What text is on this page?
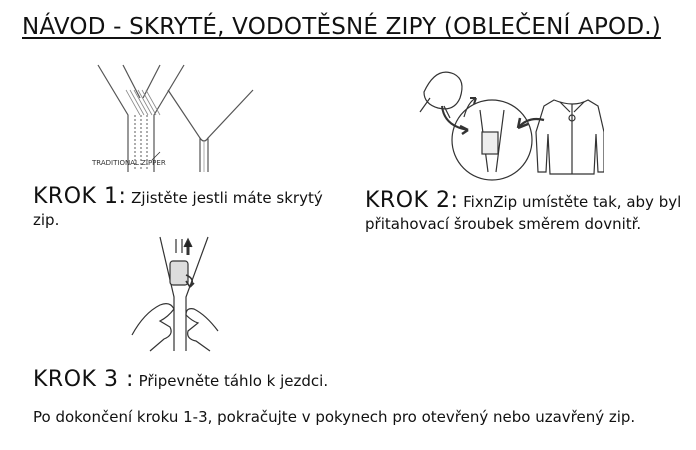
NÁVOD - SKRYTÉ, VODOTĚSNÉ ZIPY (OBLEČENÍ APOD.)
TRADITIONAL ZIPPER
KROK 1: Zjistěte jestli máte skrytý zip.
KROK 2: FixnZip umístěte tak, aby byl přitahovací šroubek směrem dovnitř.
KROK 3 : Připevněte táhlo k jezdci.
Po dokončení kroku 1-3, pokračujte v pokynech pro otevřený nebo uzavřený zip.
